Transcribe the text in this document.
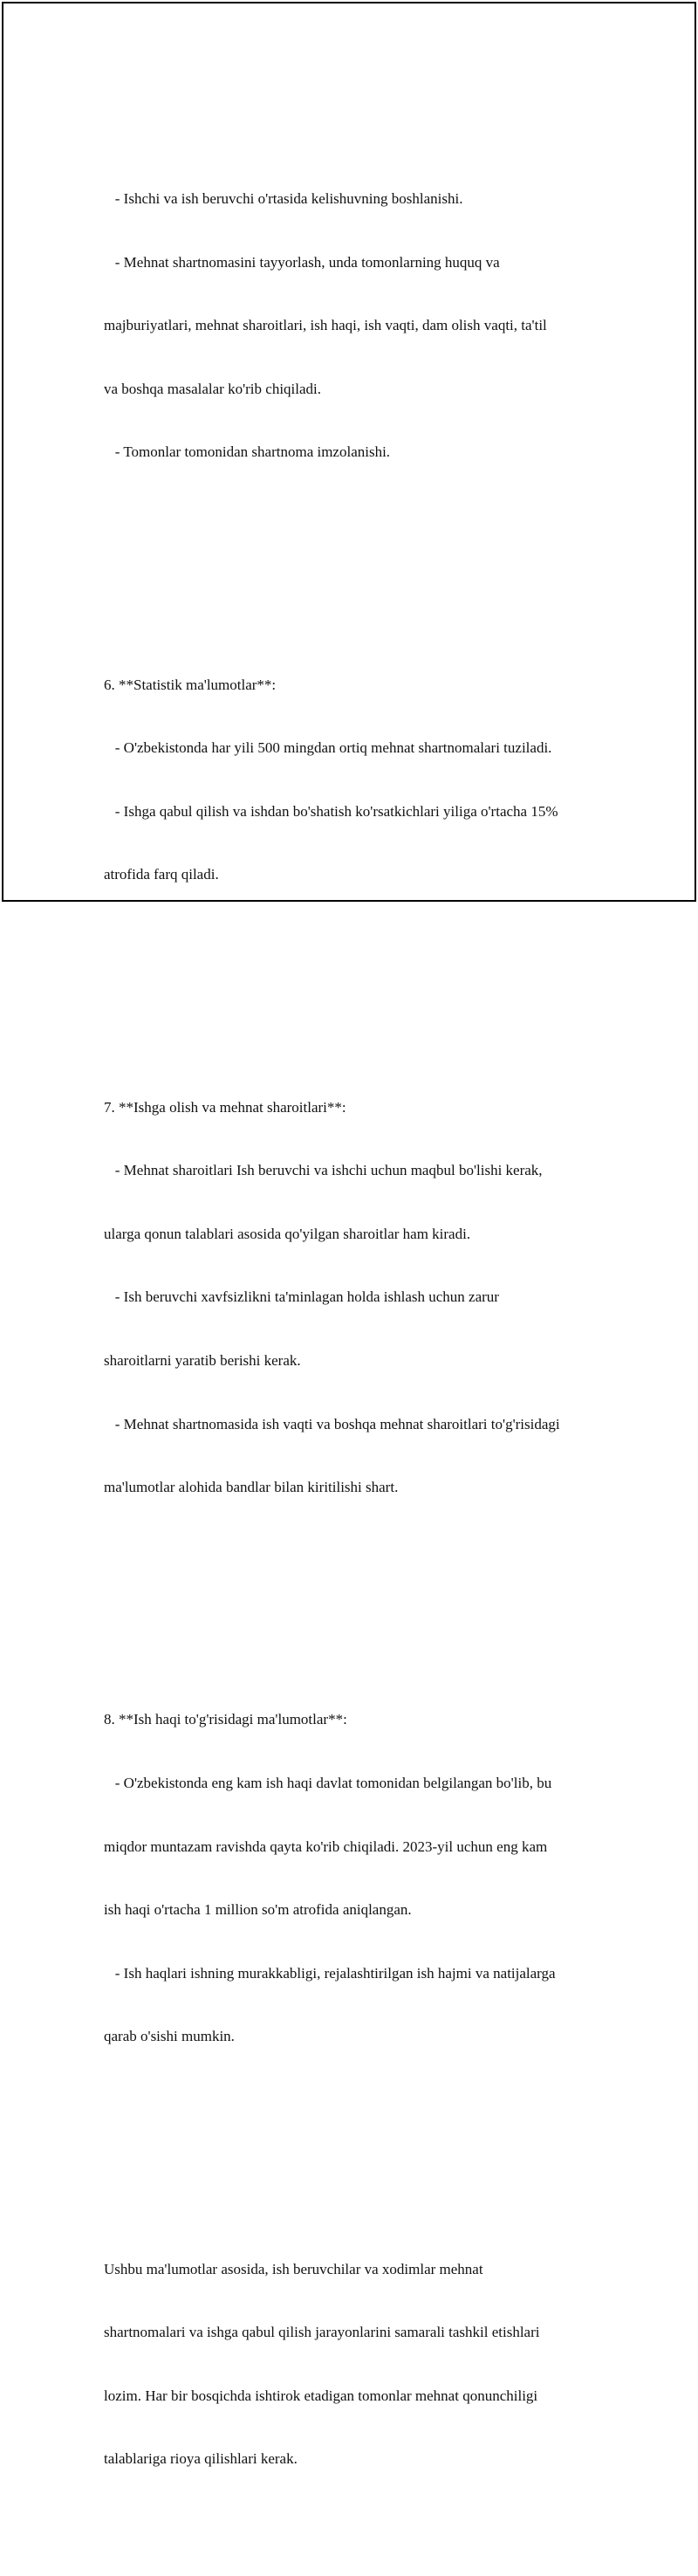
- Ishchi va ish beruvchi o'rtasida kelishuvning boshlanishi.

- Mehnat shartnomasini tayyorlash, unda tomonlarning huquq va

majburiyatlari, mehnat sharoitlari, ish haqi, ish vaqti, dam olish vaqti, ta'til

va boshqa masalalar ko'rib chiqiladi.

- Tomonlar tomonidan shartnoma imzolanishi.

6. **Statistik ma'lumotlar**:

- O'zbekistonda har yili 500 mingdan ortiq mehnat shartnomalari tuziladi.

- Ishga qabul qilish va ishdan bo'shatish ko'rsatkichlari yiliga o'rtacha 15%

atrofida farq qiladi.

7. **Ishga olish va mehnat sharoitlari**:

- Mehnat sharoitlari Ish beruvchi va ishchi uchun maqbul bo'lishi kerak,

ularga qonun talablari asosida qo'yilgan sharoitlar ham kiradi.

- Ish beruvchi xavfsizlikni ta'minlagan holda ishlash uchun zarur

sharoitlarni yaratib berishi kerak.

- Mehnat shartnomasida ish vaqti va boshqa mehnat sharoitlari to'g'risidagi

ma'lumotlar alohida bandlar bilan kiritilishi shart.

8. **Ish haqi to'g'risidagi ma'lumotlar**:

- O'zbekistonda eng kam ish haqi davlat tomonidan belgilangan bo'lib, bu

miqdor muntazam ravishda qayta ko'rib chiqiladi. 2023-yil uchun eng kam

ish haqi o'rtacha 1 million so'm atrofida aniqlangan.

- Ish haqlari ishning murakkabligi, rejalashtirilgan ish hajmi va natijalarga

qarab o'sishi mumkin.

Ushbu ma'lumotlar asosida, ish beruvchilar va xodimlar mehnat

shartnomalari va ishga qabul qilish jarayonlarini samarali tashkil etishlari

lozim. Har bir bosqichda ishtirok etadigan tomonlar mehnat qonunchiligi

talablariga rioya qilishlari kerak.
